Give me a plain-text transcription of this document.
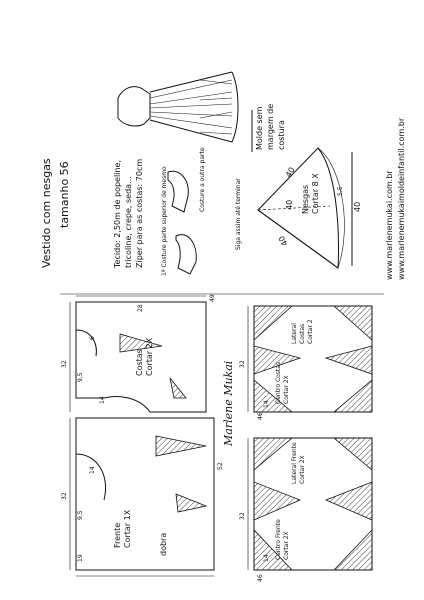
Vestido com nesgas tamanho 56	Tecido: 2,50m de popeline, tricoline, crepe, seda... Zíper para as costas: 70cm
Molde sem margem de costura
www.marlenemukai.com.br www.marlenemukaimoldeinfantil.com.br
Costure a outra parte
1ª Costure parte superior de mesmo	Nesgas Cortar 8 X
40
40
40
5,5
40
Siga assim até terminar
Costas Cortar 2X
32
49
28
9,5
14
6
Frente Cortar 1X	dobra
32
52
9,5
19
14
Marlene Mukai
Lateral Costas Cortar 2
Centro Costas Cortar 2X
32
14
46
Lateral Frente Cortar 2X
Centro Frente Cortar 2X
32
14
46
